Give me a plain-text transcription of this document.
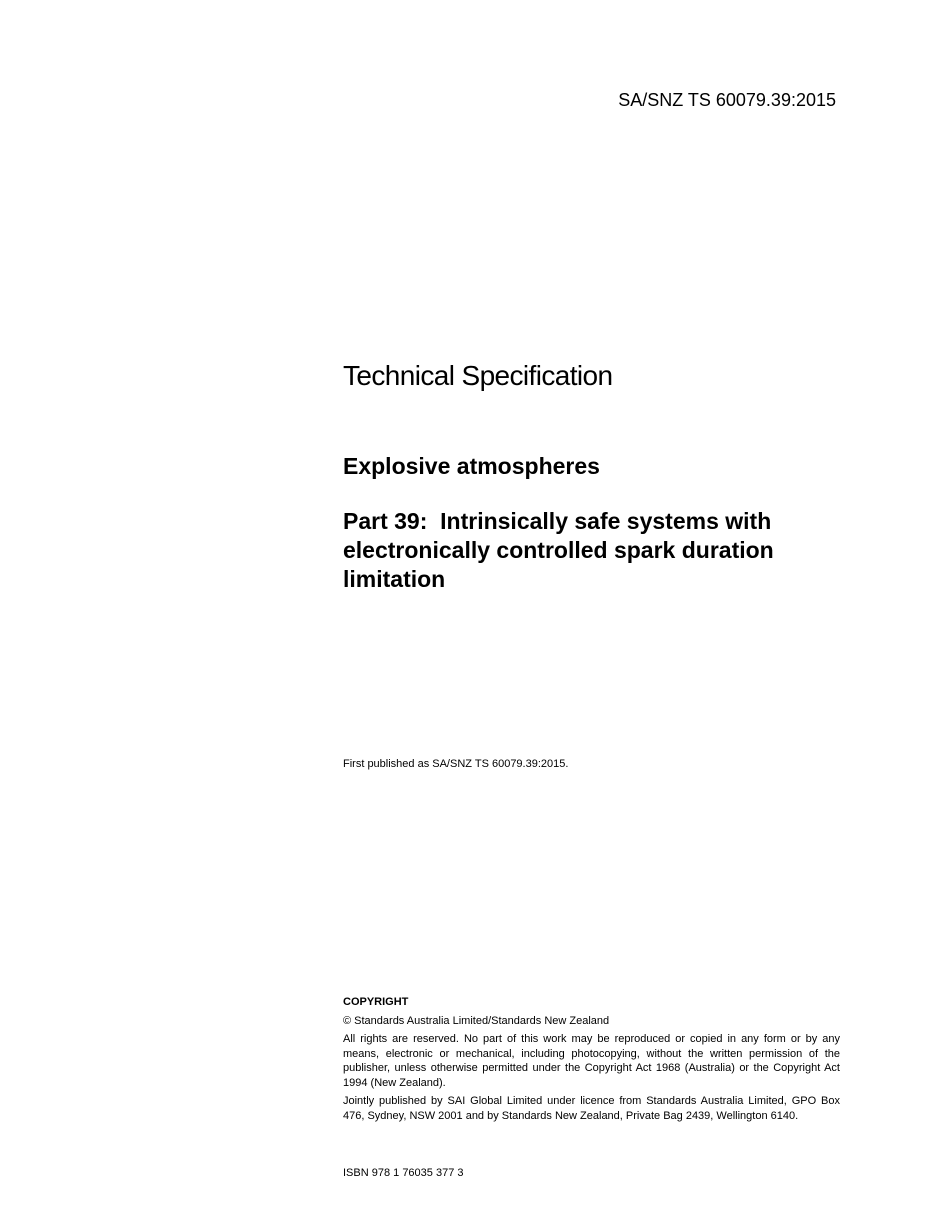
SA/SNZ TS 60079.39:2015
Technical Specification
Explosive atmospheres
Part 39:  Intrinsically safe systems with electronically controlled spark duration limitation
First published as SA/SNZ TS 60079.39:2015.
COPYRIGHT
© Standards Australia Limited/Standards New Zealand
All rights are reserved. No part of this work may be reproduced or copied in any form or by any means, electronic or mechanical, including photocopying, without the written permission of the publisher, unless otherwise permitted under the Copyright Act 1968 (Australia) or the Copyright Act 1994 (New Zealand).
Jointly published by SAI Global Limited under licence from Standards Australia Limited, GPO Box 476, Sydney, NSW 2001 and by Standards New Zealand, Private Bag 2439, Wellington 6140.
ISBN 978 1 76035 377 3
